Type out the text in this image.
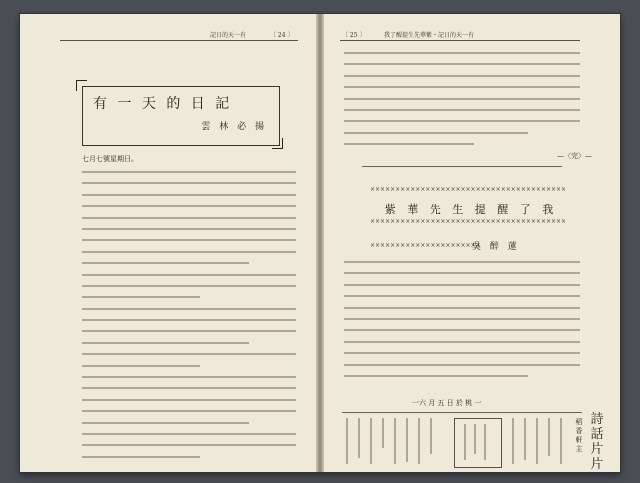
記日的天一有	〔 24 〕
有 一 天 的 日 記
雲 林 必 揚
七月七號星期日。
〔 25 〕	我了醒提生先華紫・記日的天一有
—〈完〉—
×××××××××××××××××××××××××××××××××××××××
紫 華 先 生 提 醒 了 我
×××××××××××××××××××××××××××××××××××××××
××××××××××××××××××××××
吳 醉 蓮
一六 月 五 日 於 桃 一
稻香軒主
詩話片片
